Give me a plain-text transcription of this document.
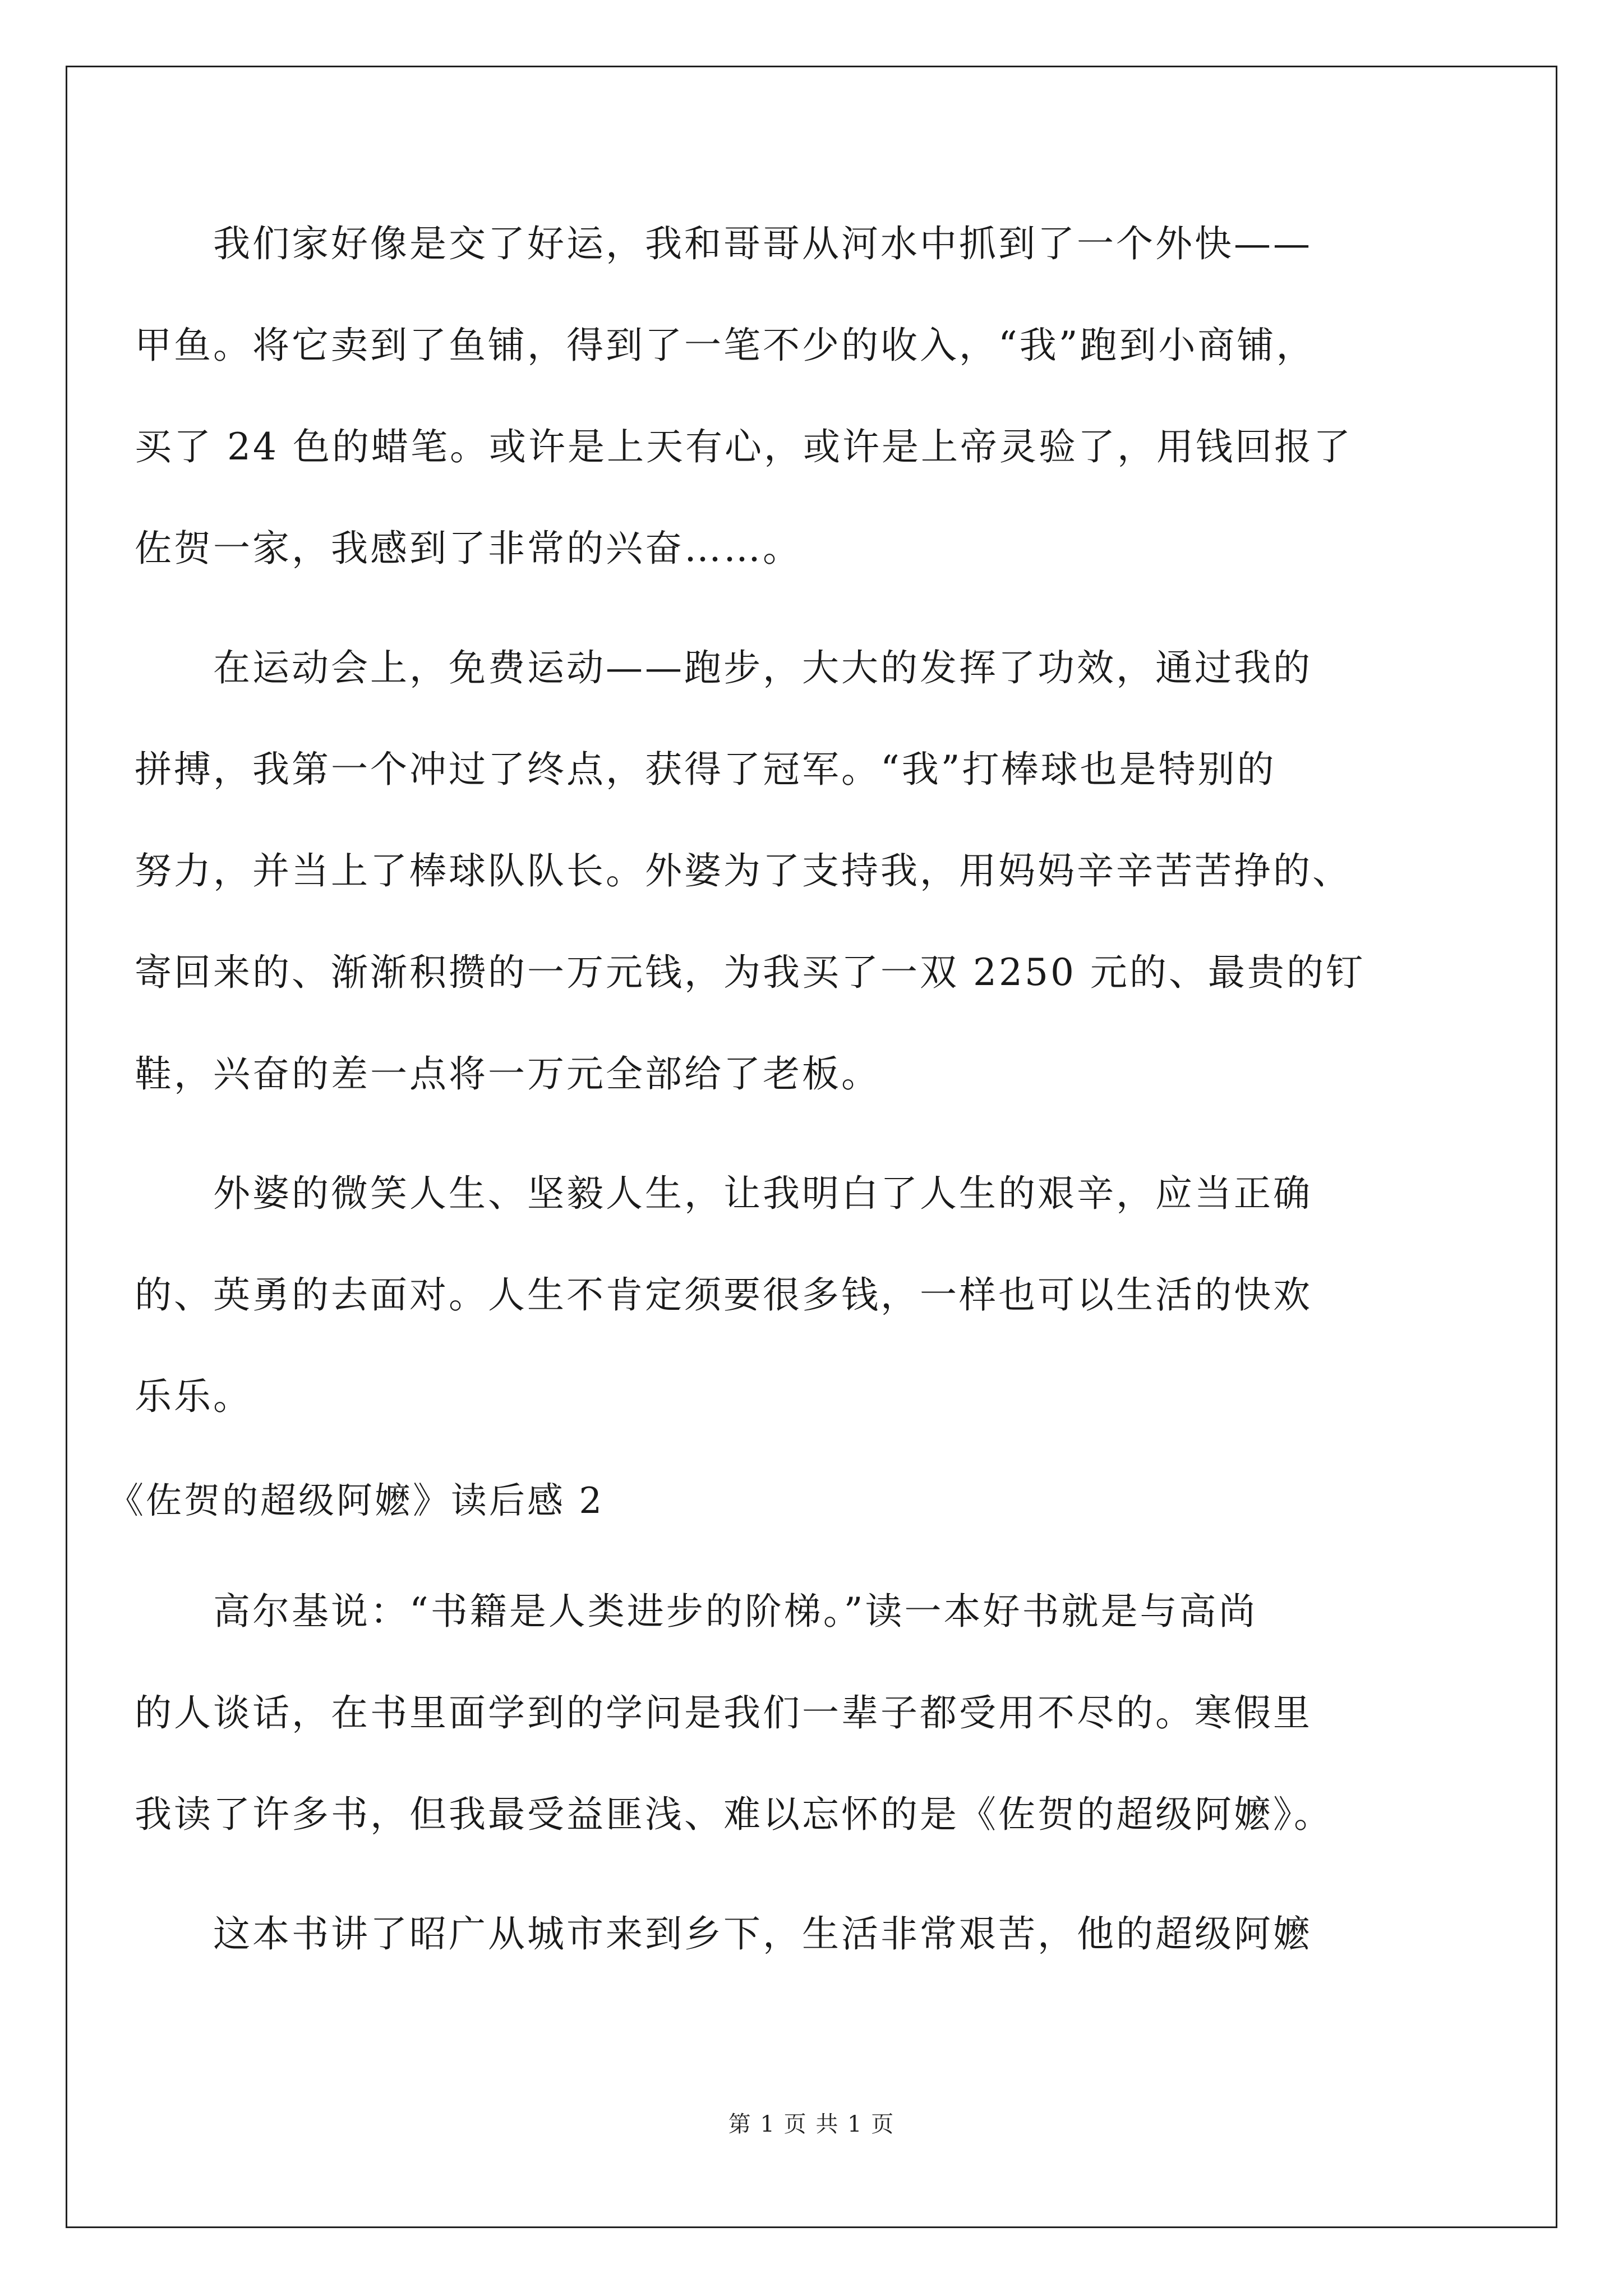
我们家好像是交了好运，我和哥哥从河水中抓到了一个外快——
甲鱼。将它卖到了鱼铺，得到了一笔不少的收入，“我”跑到小商铺，
买了 24 色的蜡笔。或许是上天有心，或许是上帝灵验了，用钱回报了
佐贺一家，我感到了非常的兴奋……。
在运动会上，免费运动——跑步，大大的发挥了功效，通过我的
拼搏，我第一个冲过了终点，获得了冠军。“我”打棒球也是特别的
努力，并当上了棒球队队长。外婆为了支持我，用妈妈辛辛苦苦挣的、
寄回来的、渐渐积攒的一万元钱，为我买了一双 2250 元的、最贵的钉
鞋，兴奋的差一点将一万元全部给了老板。
外婆的微笑人生、坚毅人生，让我明白了人生的艰辛，应当正确
的、英勇的去面对。人生不肯定须要很多钱，一样也可以生活的快欢
乐乐。
《佐贺的超级阿嬷》读后感 2
高尔基说：“书籍是人类进步的阶梯。”读一本好书就是与高尚
的人谈话，在书里面学到的学问是我们一辈子都受用不尽的。寒假里
我读了许多书，但我最受益匪浅、难以忘怀的是《佐贺的超级阿嬷》。
这本书讲了昭广从城市来到乡下，生活非常艰苦，他的超级阿嬷
第 1 页 共 1 页
